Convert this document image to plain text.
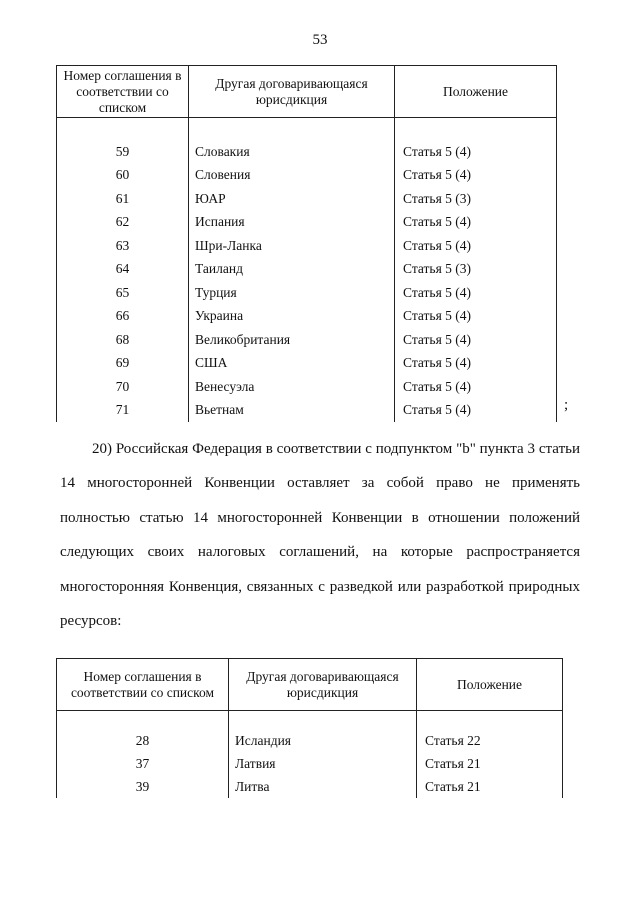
53
Номер соглашения в соответствии со списком	Другая договаривающаяся юрисдикция	Положение

59	Словакия	Статья 5 (4)
60	Словения	Статья 5 (4)
61	ЮАР	Статья 5 (3)
62	Испания	Статья 5 (4)
63	Шри-Ланка	Статья 5 (4)
64	Таиланд	Статья 5 (3)
65	Турция	Статья 5 (4)
66	Украина	Статья 5 (4)
68	Великобритания	Статья 5 (4)
69	США	Статья 5 (4)
70	Венесуэла	Статья 5 (4)
71	Вьетнам	Статья 5 (4)	;
20) Российская Федерация в соответствии с подпунктом "b" пункта 3 статьи 14 многосторонней Конвенции оставляет за собой право не применять полностью статью 14 многосторонней Конвенции в отношении положений следующих своих налоговых соглашений, на которые распространяется многосторонняя Конвенция, связанных с разведкой или разработкой природных ресурсов:
Номер соглашения в соответствии со списком	Другая договаривающаяся юрисдикция	Положение

28	Исландия	Статья 22
37	Латвия	Статья 21
39	Литва	Статья 21
